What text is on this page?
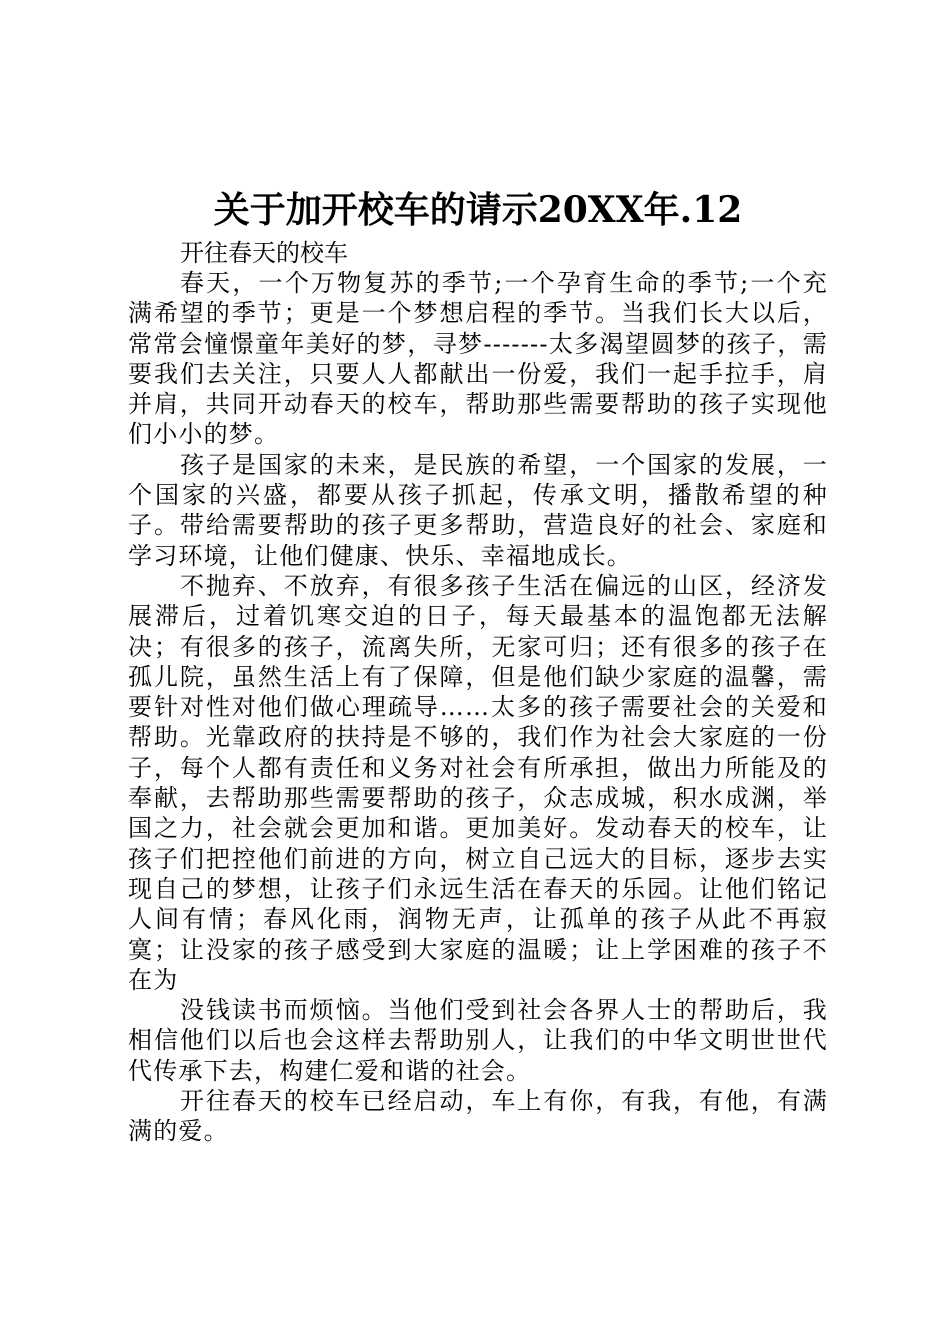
关于加开校车的请示20XX年.12

开往春天的校车

春天，一个万物复苏的季节;一个孕育生命的季节;一个充满希望的季节；更是一个梦想启程的季节。当我们长大以后，常常会憧憬童年美好的梦，寻梦-------太多渴望圆梦的孩子，需要我们去关注，只要人人都献出一份爱，我们一起手拉手，肩并肩，共同开动春天的校车，帮助那些需要帮助的孩子实现他们小小的梦。

孩子是国家的未来，是民族的希望，一个国家的发展，一个国家的兴盛，都要从孩子抓起，传承文明，播散希望的种子。带给需要帮助的孩子更多帮助，营造良好的社会、家庭和学习环境，让他们健康、快乐、幸福地成长。

不抛弃、不放弃，有很多孩子生活在偏远的山区，经济发展滞后，过着饥寒交迫的日子，每天最基本的温饱都无法解决；有很多的孩子，流离失所，无家可归；还有很多的孩子在孤儿院，虽然生活上有了保障，但是他们缺少家庭的温馨，需要针对性对他们做心理疏导……太多的孩子需要社会的关爱和帮助。光靠政府的扶持是不够的，我们作为社会大家庭的一份子，每个人都有责任和义务对社会有所承担，做出力所能及的奉献，去帮助那些需要帮助的孩子，众志成城，积水成渊，举国之力，社会就会更加和谐。更加美好。发动春天的校车，让孩子们把控他们前进的方向，树立自己远大的目标，逐步去实现自己的梦想，让孩子们永远生活在春天的乐园。让他们铭记人间有情；春风化雨，润物无声，让孤单的孩子从此不再寂寞；让没家的孩子感受到大家庭的温暖；让上学困难的孩子不在为

没钱读书而烦恼。当他们受到社会各界人士的帮助后，我相信他们以后也会这样去帮助别人，让我们的中华文明世世代代传承下去，构建仁爱和谐的社会。

开往春天的校车已经启动，车上有你，有我，有他，有满满的爱。
